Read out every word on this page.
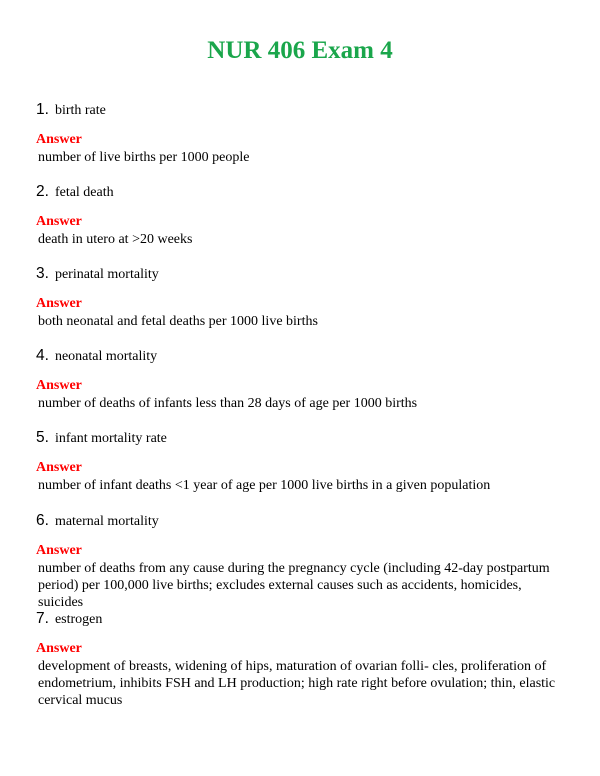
NUR 406 Exam 4
1. birth rate
Answer
number of live births per 1000 people
2. fetal death
Answer
death in utero at >20 weeks
3. perinatal mortality
Answer
both neonatal and fetal deaths per 1000 live births
4. neonatal mortality
Answer
number of deaths of infants less than 28 days of age per 1000 births
5. infant mortality rate
Answer
number of infant deaths <1 year of age per 1000 live births in a given population
6. maternal mortality
Answer
number of deaths from any cause during the pregnancy cycle (including 42-day postpartum period) per 100,000 live births; excludes external causes such as accidents, homicides, suicides
7. estrogen
Answer
development of breasts, widening of hips, maturation of ovarian folli- cles, proliferation of endometrium, inhibits FSH and LH production; high rate right before ovulation; thin, elastic cervical mucus
